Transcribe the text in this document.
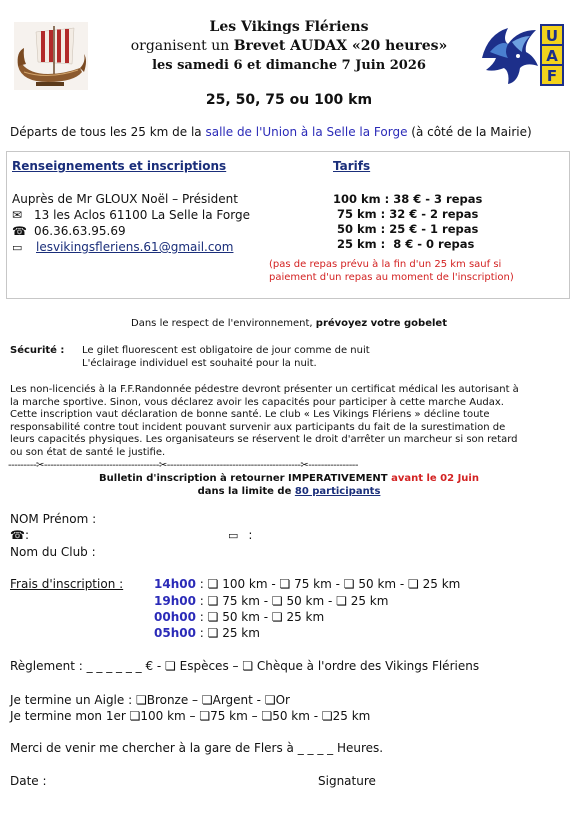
Les Vikings Flériens
organisent un Brevet AUDAX «20 heures»
les samedi 6 et dimanche 7 Juin 2026
U
A
F
25, 50, 75 ou 100 km
Départs de tous les 25 km de la salle de l'Union à la Selle la Forge (à côté de la Mairie)
Renseignements et inscriptions	Tarifs
Auprès de Mr GLOUX Noël – Président
✉ 13 les Aclos 61100 La Selle la Forge
☎ 06.36.63.95.69
▭ lesvikingsfleriens.61@gmail.com
100 km : 38 € - 3 repas
75 km : 32 € - 2 repas
50 km : 25 € - 1 repas
25 km :  8 € - 0 repas
(pas de repas prévu à la fin d'un 25 km sauf si
paiement d'un repas au moment de l'inscription)
Dans le respect de l'environnement, prévoyez votre gobelet
Sécurité : Le gilet fluorescent est obligatoire de jour comme de nuit
L'éclairage individuel est souhaité pour la nuit.
Les non-licenciés à la F.F.Randonnée pédestre devront présenter un certificat médical les autorisant à
la marche sportive. Sinon, vous déclarez avoir les capacités pour participer à cette marche Audax.
Cette inscription vaut déclaration de bonne santé. Le club « Les Vikings Flériens » décline toute
responsabilité contre tout incident pouvant survenir aux participants du fait de la surestimation de
leurs capacités physiques. Les organisateurs se réservent le droit d'arrêter un marcheur si son retard
ou son état de santé le justifie.
---------✂-------------------------------------✂-------------------------------------------✂----------------
Bulletin d'inscription à retourner IMPERATIVEMENT avant le 02 Juin
dans la limite de 80 participants
NOM Prénom :
☎:	▭ :
Nom du Club :
Frais d'inscription :	14h00 : ❏ 100 km - ❏ 75 km - ❏ 50 km - ❏ 25 km
19h00 : ❏ 75 km - ❏ 50 km - ❏ 25 km
00h00 : ❏ 50 km - ❏ 25 km
05h00 : ❏ 25 km
Règlement : _ _ _ _ _ _ € - ❏ Espèces – ❏ Chèque à l'ordre des Vikings Flériens
Je termine un Aigle : ❏Bronze – ❏Argent - ❏Or
Je termine mon 1er ❏100 km – ❏75 km – ❏50 km - ❏25 km
Merci de venir me chercher à la gare de Flers à _ _ _ _ Heures.
Date :	Signature
